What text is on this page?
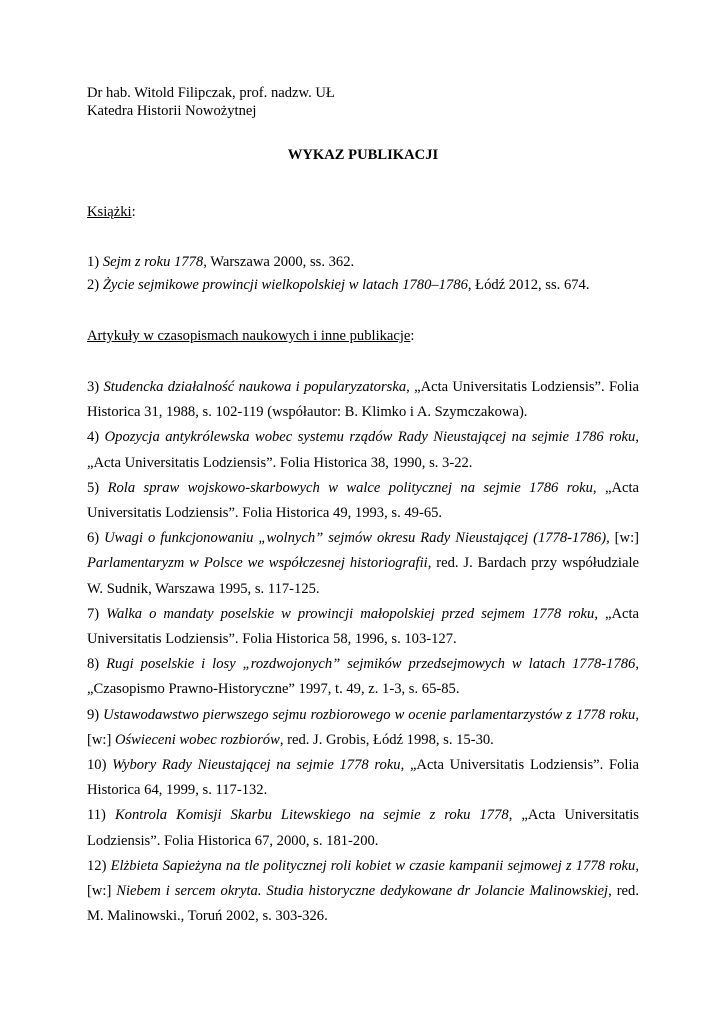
Dr hab. Witold Filipczak, prof. nadzw. UŁ

Katedra Historii Nowożytnej

WYKAZ PUBLIKACJI
Książki:

1) Sejm z roku 1778, Warszawa 2000, ss. 362.

2) Życie sejmikowe prowincji wielkopolskiej w latach 1780–1786, Łódź 2012, ss. 674.

Artykuły w czasopismach naukowych i inne publikacje:

3) Studencka działalność naukowa i popularyzatorska, „Acta Universitatis Lodziensis”. Folia Historica 31, 1988, s. 102-119 (współautor: B. Klimko i A. Szymczakowa).

4) Opozycja antykrólewska wobec systemu rządów Rady Nieustającej na sejmie 1786 roku, „Acta Universitatis Lodziensis”. Folia Historica 38, 1990, s. 3-22.

5) Rola spraw wojskowo-skarbowych w walce politycznej na sejmie 1786 roku, „Acta Universitatis Lodziensis”. Folia Historica 49, 1993, s. 49-65.

6) Uwagi o funkcjonowaniu „wolnych” sejmów okresu Rady Nieustającej (1778-1786), [w:] Parlamentaryzm w Polsce we współczesnej historiografii, red. J. Bardach przy współudziale W. Sudnik, Warszawa 1995, s. 117-125.

7) Walka o mandaty poselskie w prowincji małopolskiej przed sejmem 1778 roku, „Acta Universitatis Lodziensis”. Folia Historica 58, 1996, s. 103-127.

8) Rugi poselskie i losy „rozdwojonych” sejmików przedsejmowych w latach 1778-1786, „Czasopismo Prawno-Historyczne” 1997, t. 49, z. 1-3, s. 65-85.

9) Ustawodawstwo pierwszego sejmu rozbiorowego w ocenie parlamentarzystów z 1778 roku, [w:] Oświeceni wobec rozbiorów, red. J. Grobis, Łódź 1998, s. 15-30.

10) Wybory Rady Nieustającej na sejmie 1778 roku, „Acta Universitatis Lodziensis”. Folia Historica 64, 1999, s. 117-132.

11) Kontrola Komisji Skarbu Litewskiego na sejmie z roku 1778, „Acta Universitatis Lodziensis”. Folia Historica 67, 2000, s. 181-200.

12) Elżbieta Sapieżyna na tle politycznej roli kobiet w czasie kampanii sejmowej z 1778 roku, [w:] Niebem i sercem okryta. Studia historyczne dedykowane dr Jolancie Malinowskiej, red. M. Malinowski., Toruń 2002, s. 303-326.
